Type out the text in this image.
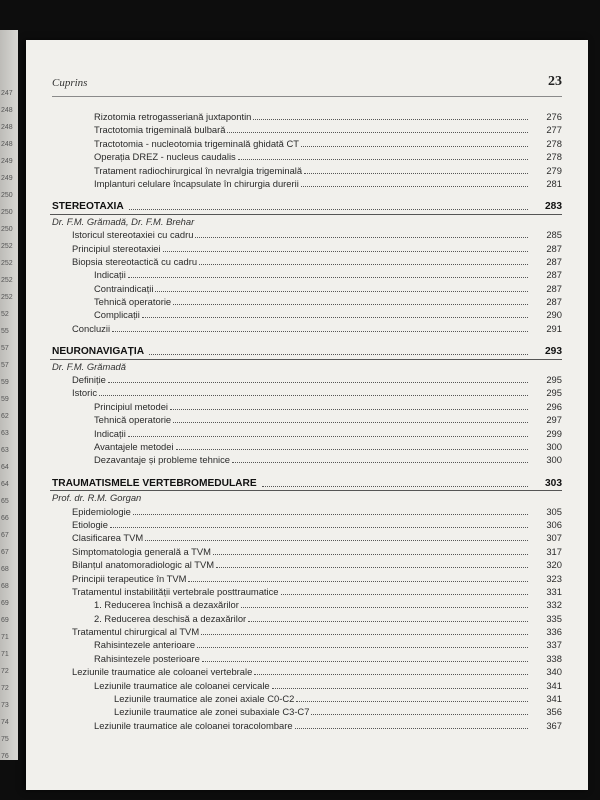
247
248
248
248
249
249
250
250
250
252
252
252
252
52
55
57
57
59
59
62
63
63
64
64
65
66
67
67
68
68
69
69
71
71
72
72
73
74
75
76
Cuprins	23
Rizotomia retrogasseriană juxtapontin	276
Tractotomia trigeminală bulbară	277
Tractotomia - nucleotomia trigeminală ghidată CT	278
Operația DREZ - nucleus caudalis	278
Tratament radiochirurgical în nevralgia trigeminală	279
Implanturi celulare încapsulate în chirurgia durerii	281
STEREOTAXIA	283
Dr. F.M. Grămadă, Dr. F.M. Brehar
Istoricul stereotaxiei cu cadru	285
Principiul stereotaxiei	287
Biopsia stereotactică cu cadru	287
Indicații	287
Contraindicații	287
Tehnică operatorie	287
Complicații	290
Concluzii	291
NEURONAVIGAȚIA	293
Dr. F.M. Grămadă
Definiție	295
Istoric	295
Principiul metodei	296
Tehnică operatorie	297
Indicații	299
Avantajele metodei	300
Dezavantaje și probleme tehnice	300
TRAUMATISMELE VERTEBROMEDULARE	303
Prof. dr. R.M. Gorgan
Epidemiologie	305
Etiologie	306
Clasificarea TVM	307
Simptomatologia generală a TVM	317
Bilanțul anatomoradiologic al TVM	320
Principii terapeutice în TVM	323
Tratamentul instabilității vertebrale posttraumatice	331
1. Reducerea închisă a dezaxărilor	332
2. Reducerea deschisă a dezaxărilor	335
Tratamentul chirurgical al TVM	336
Rahisintezele anterioare	337
Rahisintezele posterioare	338
Leziunile traumatice ale coloanei vertebrale	340
Leziunile traumatice ale coloanei cervicale	341
Leziunile traumatice ale zonei axiale C0-C2	341
Leziunile traumatice ale zonei subaxiale C3-C7	356
Leziunile traumatice ale coloanei toracolombare	367
